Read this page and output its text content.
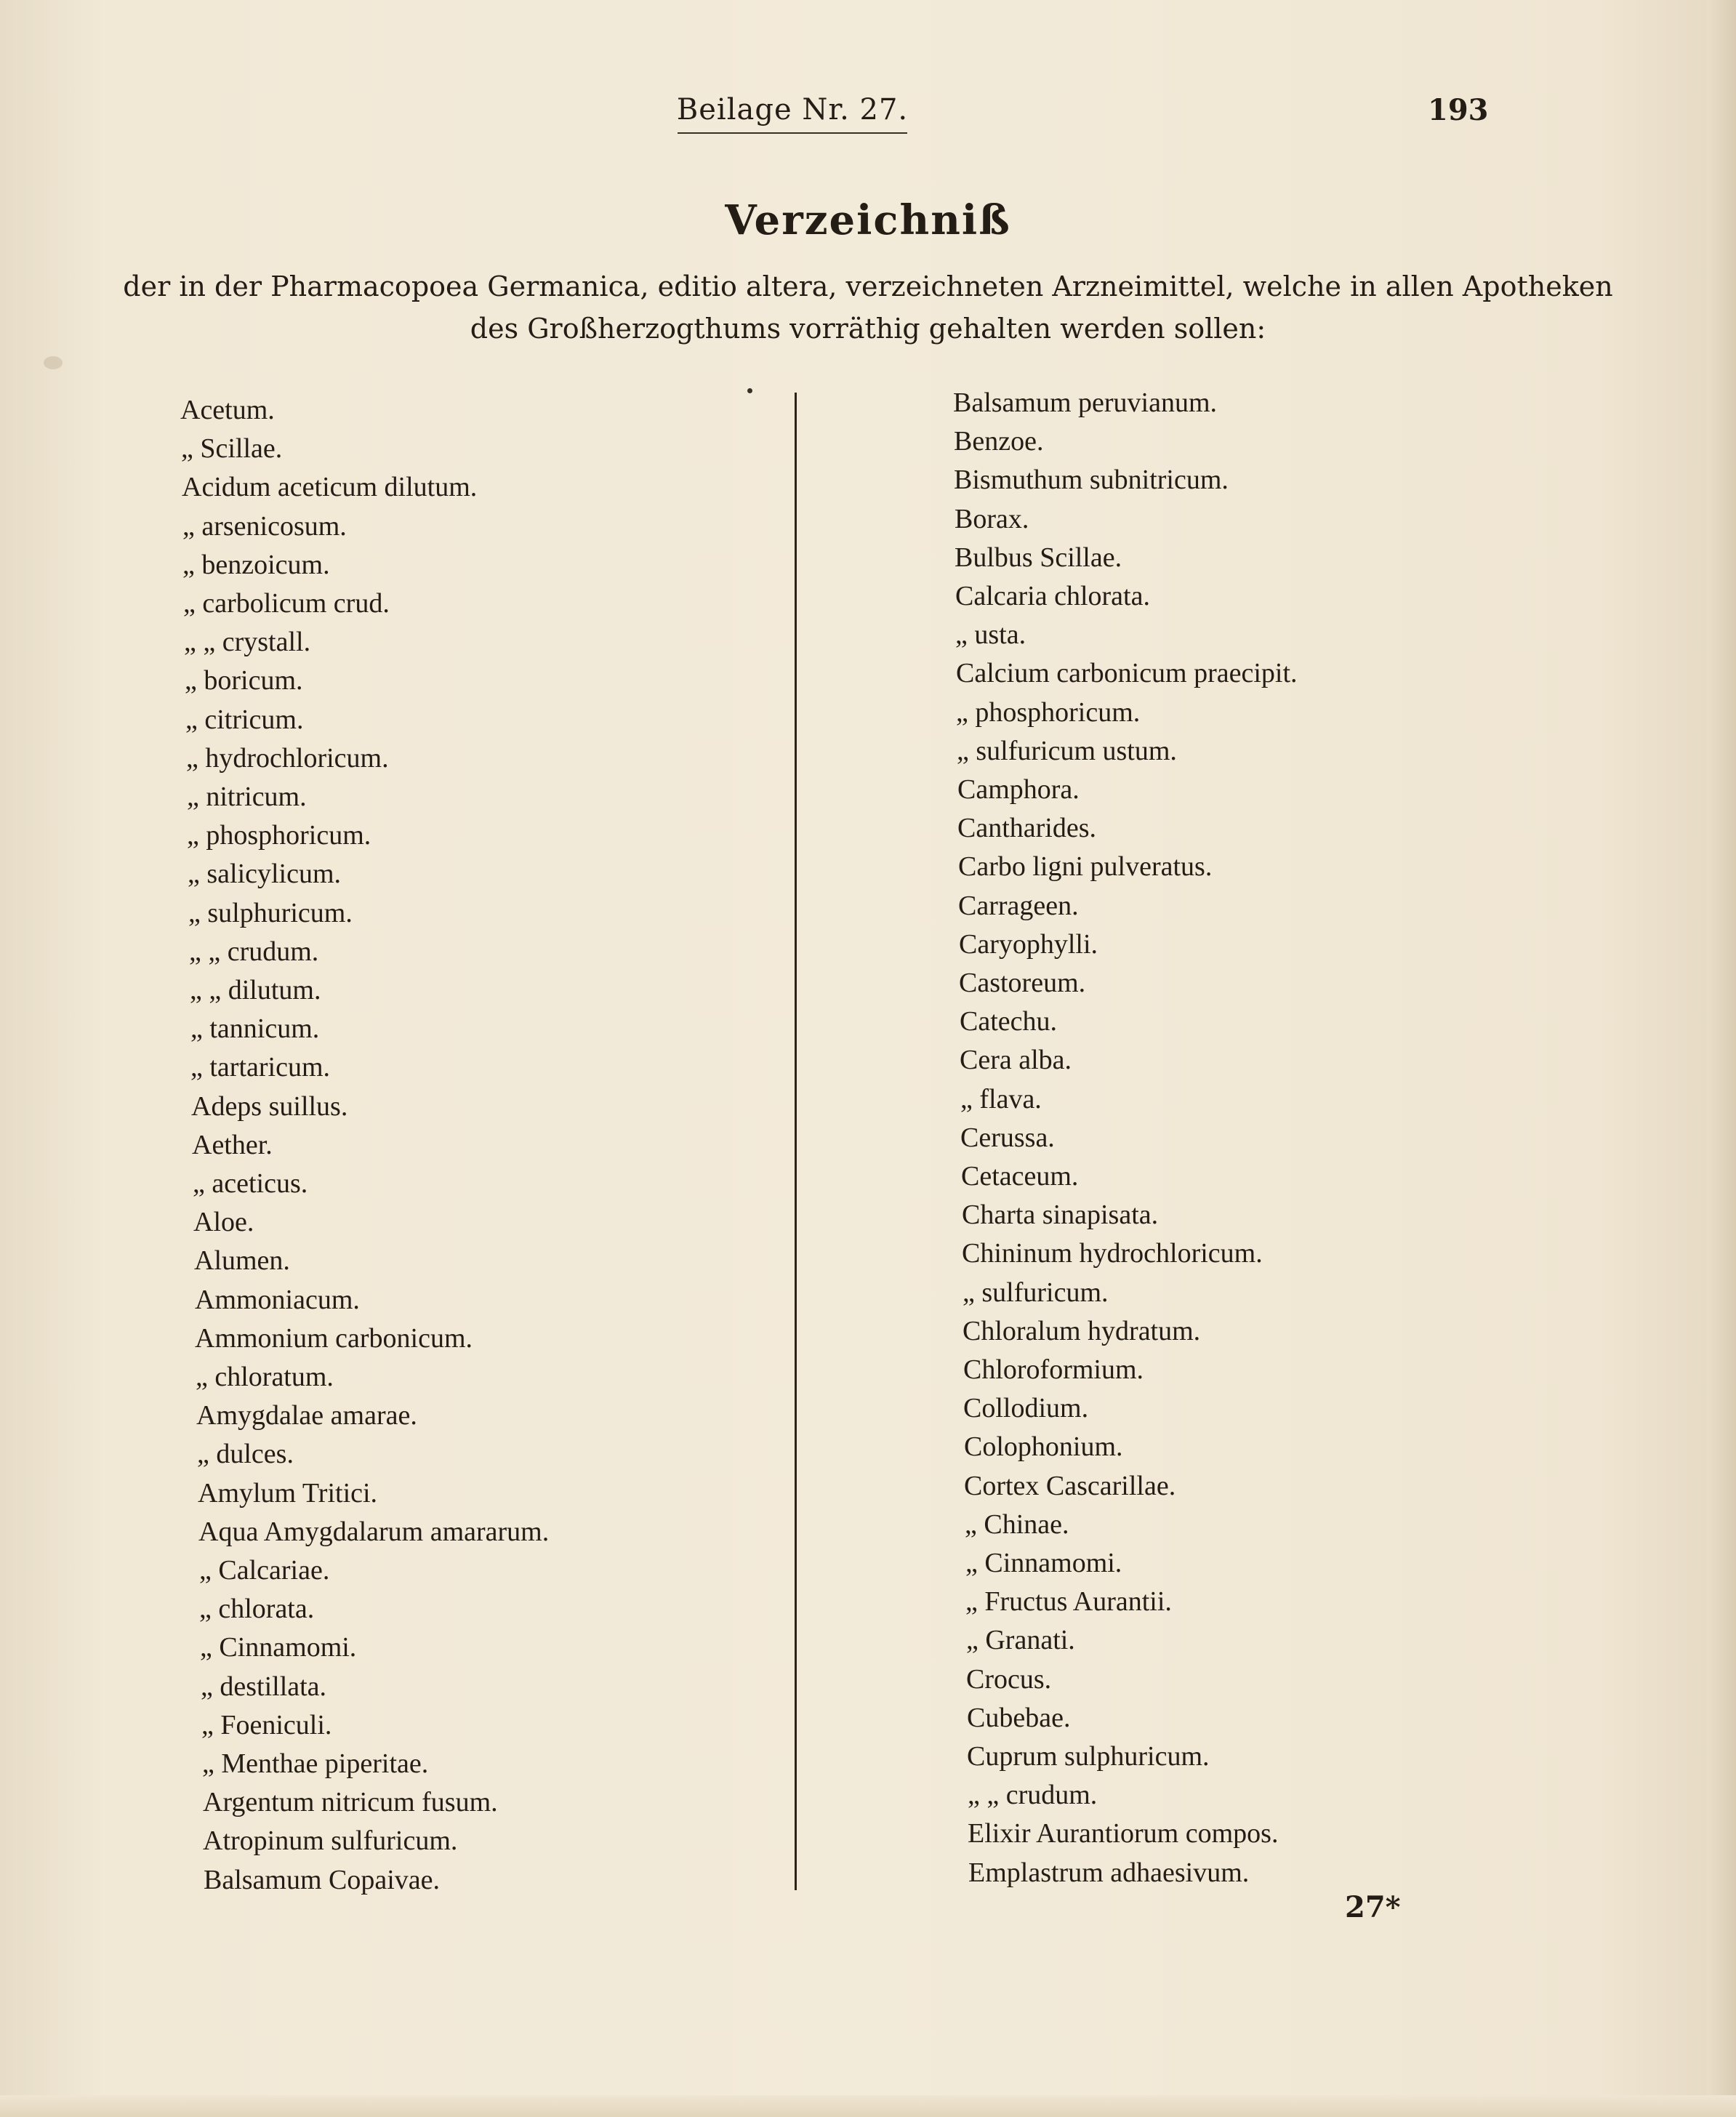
Beilage Nr. 27.	193
Verzeichniß
der in der Pharmacopoea Germanica, editio altera, verzeichneten Arzneimittel, welche in allen Apotheken
des Großherzogthums vorräthig gehalten werden sollen:
Acetum.
„ Scillae.
Acidum aceticum dilutum.
„ arsenicosum.
„ benzoicum.
„ carbolicum crud.
„ „ crystall.
„ boricum.
„ citricum.
„ hydrochloricum.
„ nitricum.
„ phosphoricum.
„ salicylicum.
„ sulphuricum.
„ „ crudum.
„ „ dilutum.
„ tannicum.
„ tartaricum.
Adeps suillus.
Aether.
„ aceticus.
Aloe.
Alumen.
Ammoniacum.
Ammonium carbonicum.
„ chloratum.
Amygdalae amarae.
„ dulces.
Amylum Tritici.
Aqua Amygdalarum amararum.
„ Calcariae.
„ chlorata.
„ Cinnamomi.
„ destillata.
„ Foeniculi.
„ Menthae piperitae.
Argentum nitricum fusum.
Atropinum sulfuricum.
Balsamum Copaivae.
Balsamum peruvianum.
Benzoe.
Bismuthum subnitricum.
Borax.
Bulbus Scillae.
Calcaria chlorata.
„ usta.
Calcium carbonicum praecipit.
„ phosphoricum.
„ sulfuricum ustum.
Camphora.
Cantharides.
Carbo ligni pulveratus.
Carrageen.
Caryophylli.
Castoreum.
Catechu.
Cera alba.
„ flava.
Cerussa.
Cetaceum.
Charta sinapisata.
Chininum hydrochloricum.
„ sulfuricum.
Chloralum hydratum.
Chloroformium.
Collodium.
Colophonium.
Cortex Cascarillae.
„ Chinae.
„ Cinnamomi.
„ Fructus Aurantii.
„ Granati.
Crocus.
Cubebae.
Cuprum sulphuricum.
„ „ crudum.
Elixir Aurantiorum compos.
Emplastrum adhaesivum.
27*
